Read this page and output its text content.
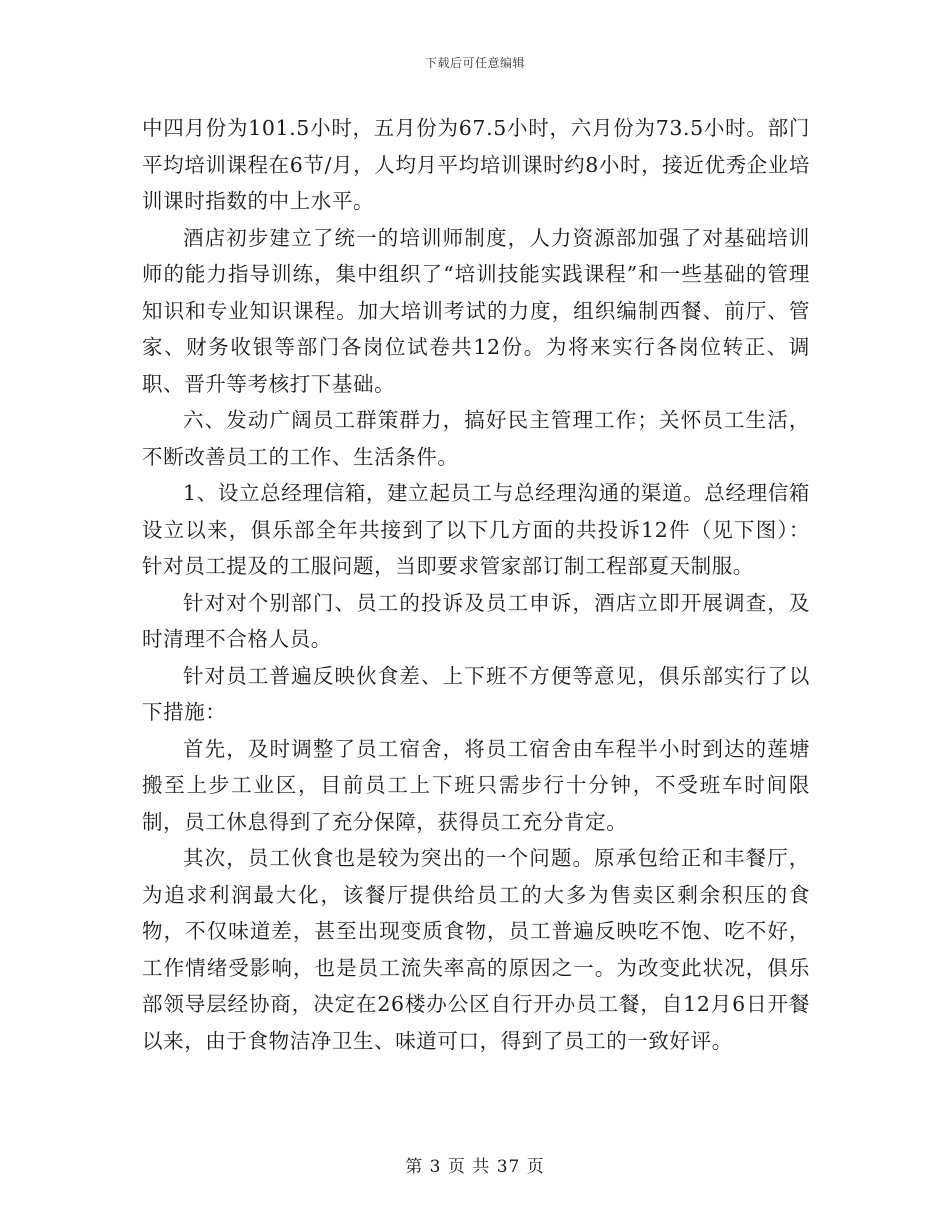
下载后可任意编辑

中四月份为101.5小时，五月份为67.5小时，六月份为73.5小时。部门平均培训课程在6节/月，人均月平均培训课时约8小时，接近优秀企业培训课时指数的中上水平。

酒店初步建立了统一的培训师制度，人力资源部加强了对基础培训师的能力指导训练，集中组织了“培训技能实践课程”和一些基础的管理知识和专业知识课程。加大培训考试的力度，组织编制西餐、前厅、管家、财务收银等部门各岗位试卷共12份。为将来实行各岗位转正、调职、晋升等考核打下基础。

六、发动广阔员工群策群力，搞好民主管理工作；关怀员工生活，不断改善员工的工作、生活条件。

1、设立总经理信箱，建立起员工与总经理沟通的渠道。总经理信箱设立以来，俱乐部全年共接到了以下几方面的共投诉12件（见下图）： 针对员工提及的工服问题，当即要求管家部订制工程部夏天制服。

针对对个别部门、员工的投诉及员工申诉，酒店立即开展调查，及时清理不合格人员。

针对员工普遍反映伙食差、上下班不方便等意见，俱乐部实行了以下措施：

首先，及时调整了员工宿舍，将员工宿舍由车程半小时到达的莲塘搬至上步工业区，目前员工上下班只需步行十分钟，不受班车时间限制，员工休息得到了充分保障，获得员工充分肯定。

其次，员工伙食也是较为突出的一个问题。原承包给正和丰餐厅，为追求利润最大化，该餐厅提供给员工的大多为售卖区剩余积压的食物，不仅味道差，甚至出现变质食物，员工普遍反映吃不饱、吃不好，工作情绪受影响，也是员工流失率高的原因之一。为改变此状况，俱乐部领导层经协商，决定在26楼办公区自行开办员工餐，自12月6日开餐以来，由于食物洁净卫生、味道可口，得到了员工的一致好评。

第 3 页 共 37 页
